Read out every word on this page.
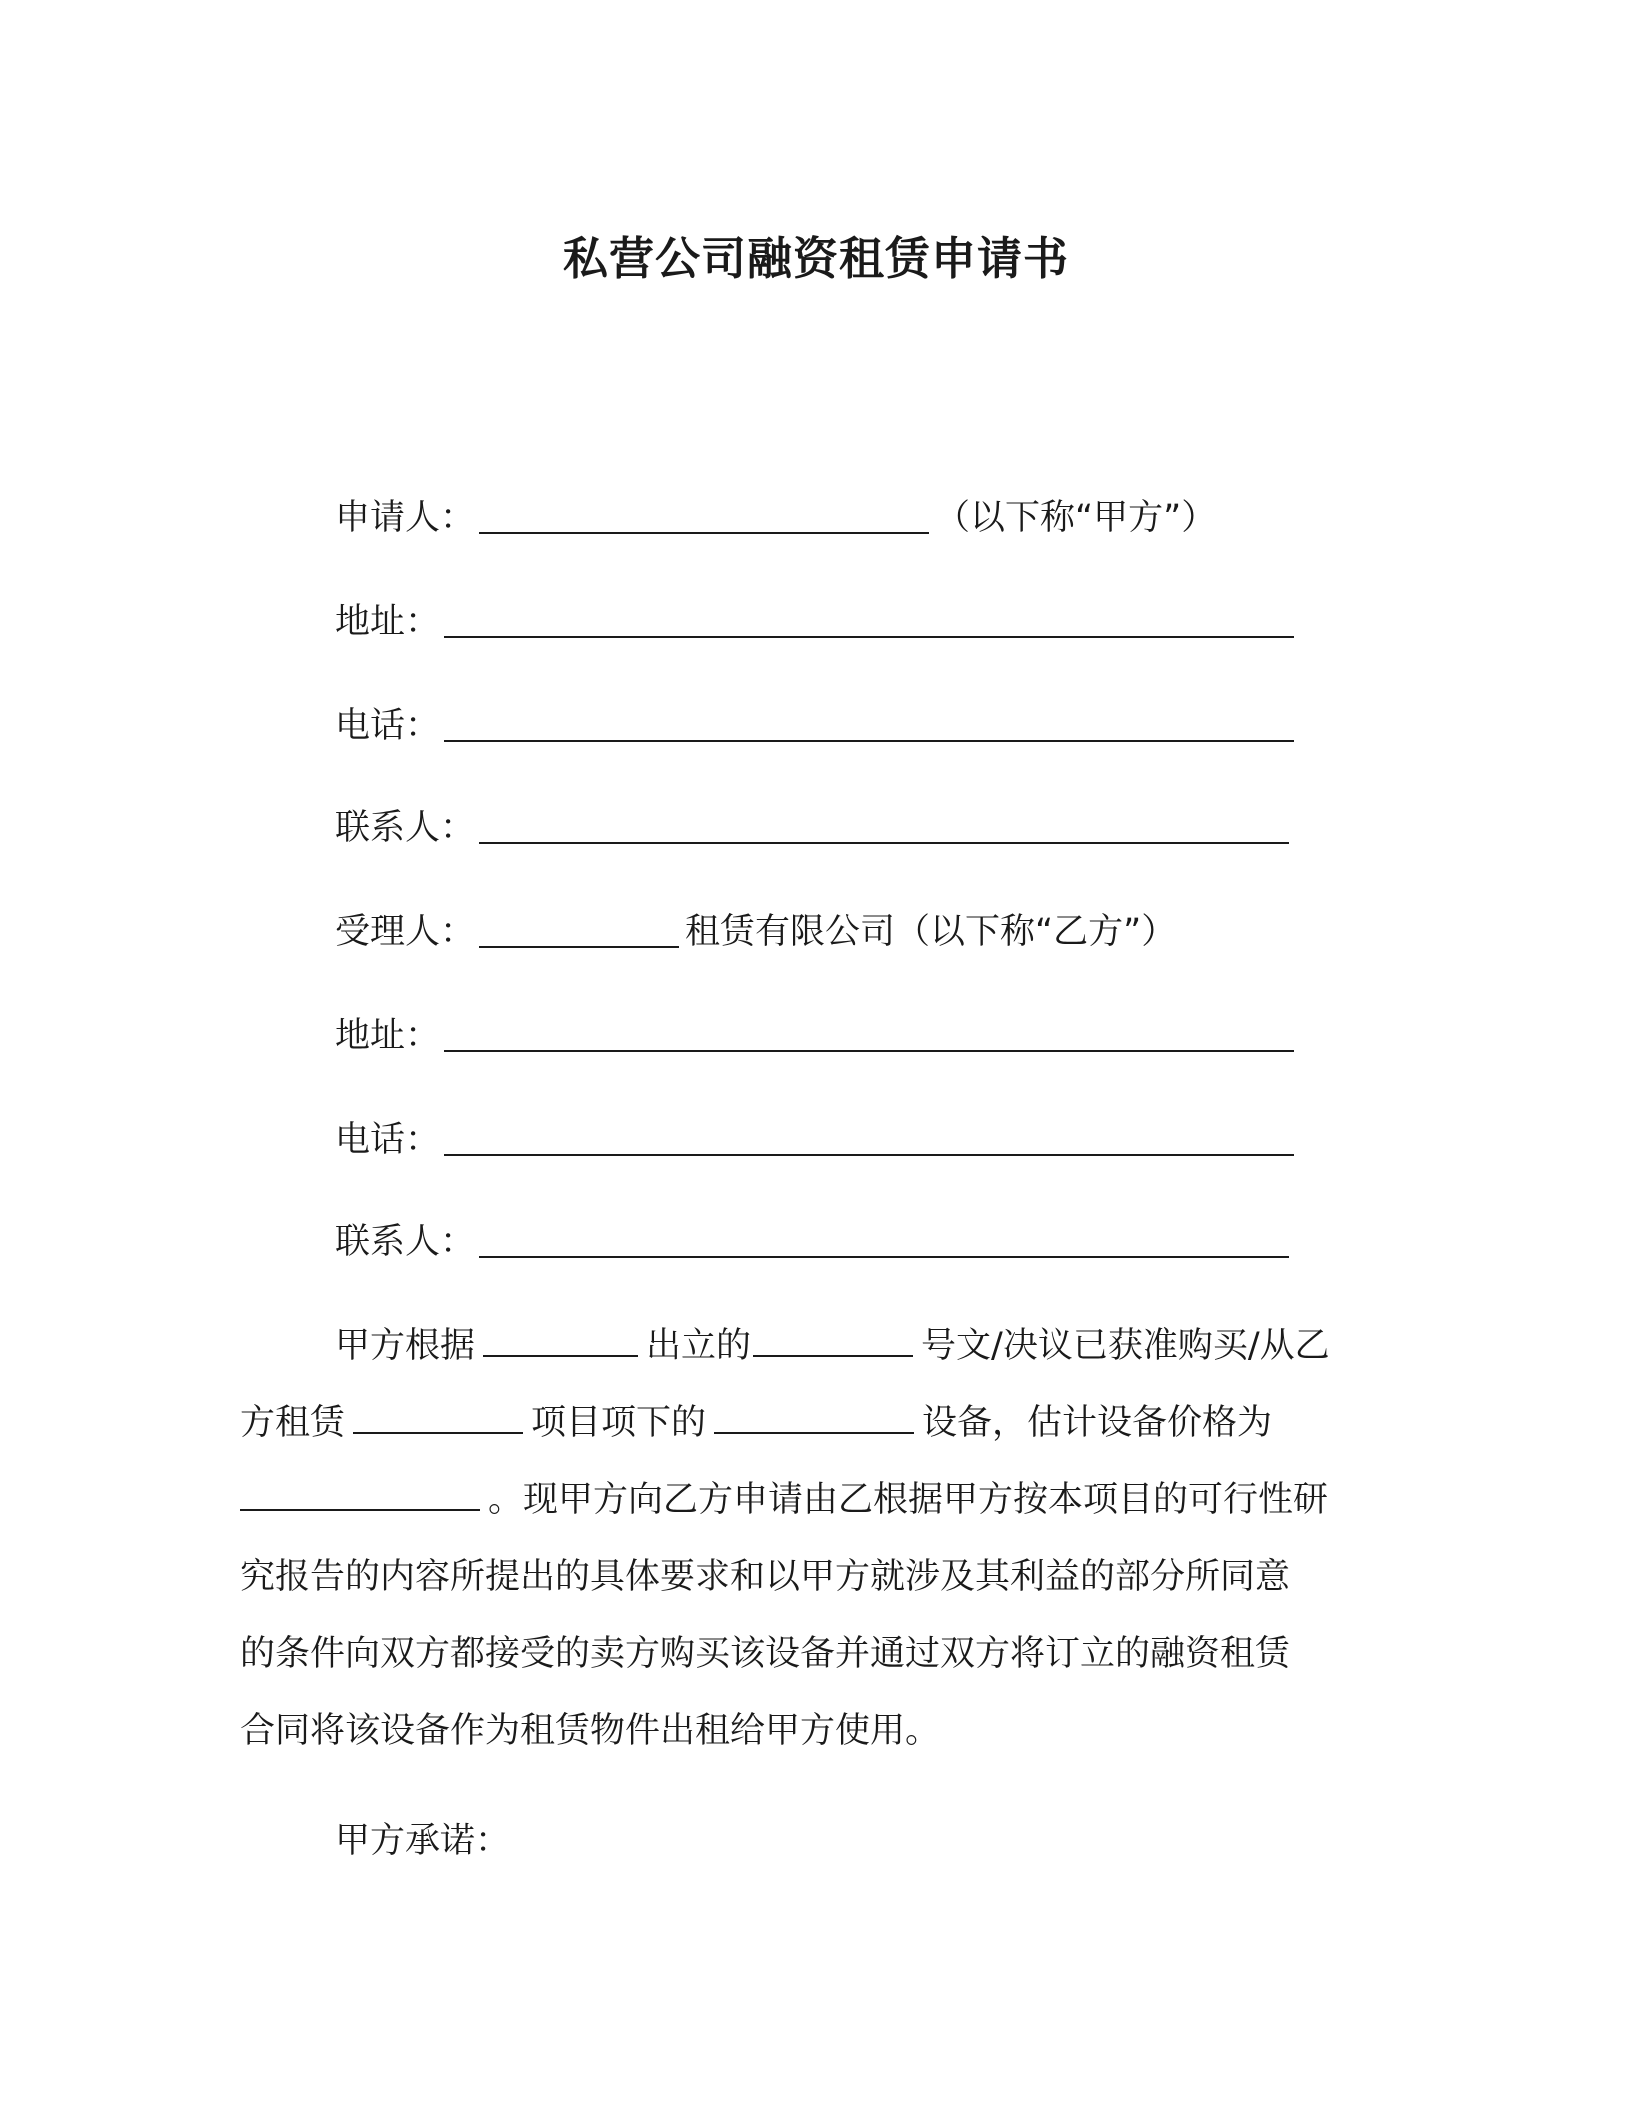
私营公司融资租赁申请书
申请人：	（以下称“甲方”）
地址：
电话：
联系人：
受理人：	租赁有限公司（以下称“乙方”）
地址：
电话：
联系人：
甲方根据	出立的	号文/决议已获准购买/从乙
方租赁	项目项下的	设备，估计设备价格为
。现甲方向乙方申请由乙根据甲方按本项目的可行性研
究报告的内容所提出的具体要求和以甲方就涉及其利益的部分所同意
的条件向双方都接受的卖方购买该设备并通过双方将订立的融资租赁
合同将该设备作为租赁物件出租给甲方使用。

甲方承诺：
